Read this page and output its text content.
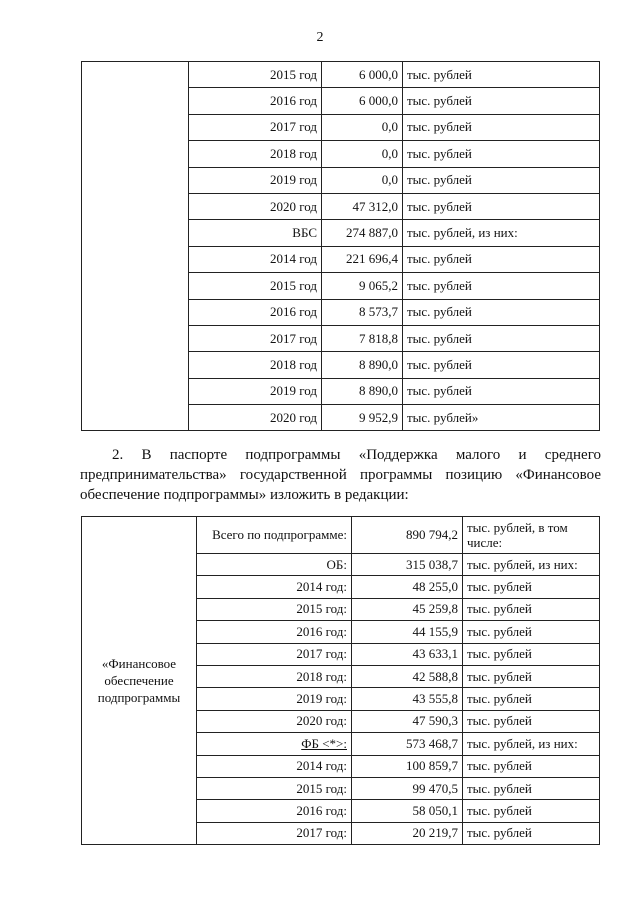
2
	2015 год	6 000,0	тыс. рублей
	2016 год	6 000,0	тыс. рублей
	2017 год	0,0	тыс. рублей
	2018 год	0,0	тыс. рублей
	2019 год	0,0	тыс. рублей
	2020 год	47 312,0	тыс. рублей
	ВБС	274 887,0	тыс. рублей, из них:
	2014 год	221 696,4	тыс. рублей
	2015 год	9 065,2	тыс. рублей
	2016 год	8 573,7	тыс. рублей
	2017 год	7 818,8	тыс. рублей
	2018 год	8 890,0	тыс. рублей
	2019 год	8 890,0	тыс. рублей
	2020 год	9 952,9	тыс. рублей»
2. В паспорте подпрограммы «Поддержка малого и среднего
предпринимательства» государственной программы позицию «Финансовое
обеспечение подпрограммы» изложить в редакции:
«Финансовое обеспечение подпрограммы	Всего по подпрограмме:	890 794,2	тыс. рублей, в том числе:
	ОБ:	315 038,7	тыс. рублей, из них:
	2014 год:	48 255,0	тыс. рублей
	2015 год:	45 259,8	тыс. рублей
	2016 год:	44 155,9	тыс. рублей
	2017 год:	43 633,1	тыс. рублей
	2018 год:	42 588,8	тыс. рублей
	2019 год:	43 555,8	тыс. рублей
	2020 год:	47 590,3	тыс. рублей
	ФБ <*>:	573 468,7	тыс. рублей, из них:
	2014 год:	100 859,7	тыс. рублей
	2015 год:	99 470,5	тыс. рублей
	2016 год:	58 050,1	тыс. рублей
	2017 год:	20 219,7	тыс. рублей
